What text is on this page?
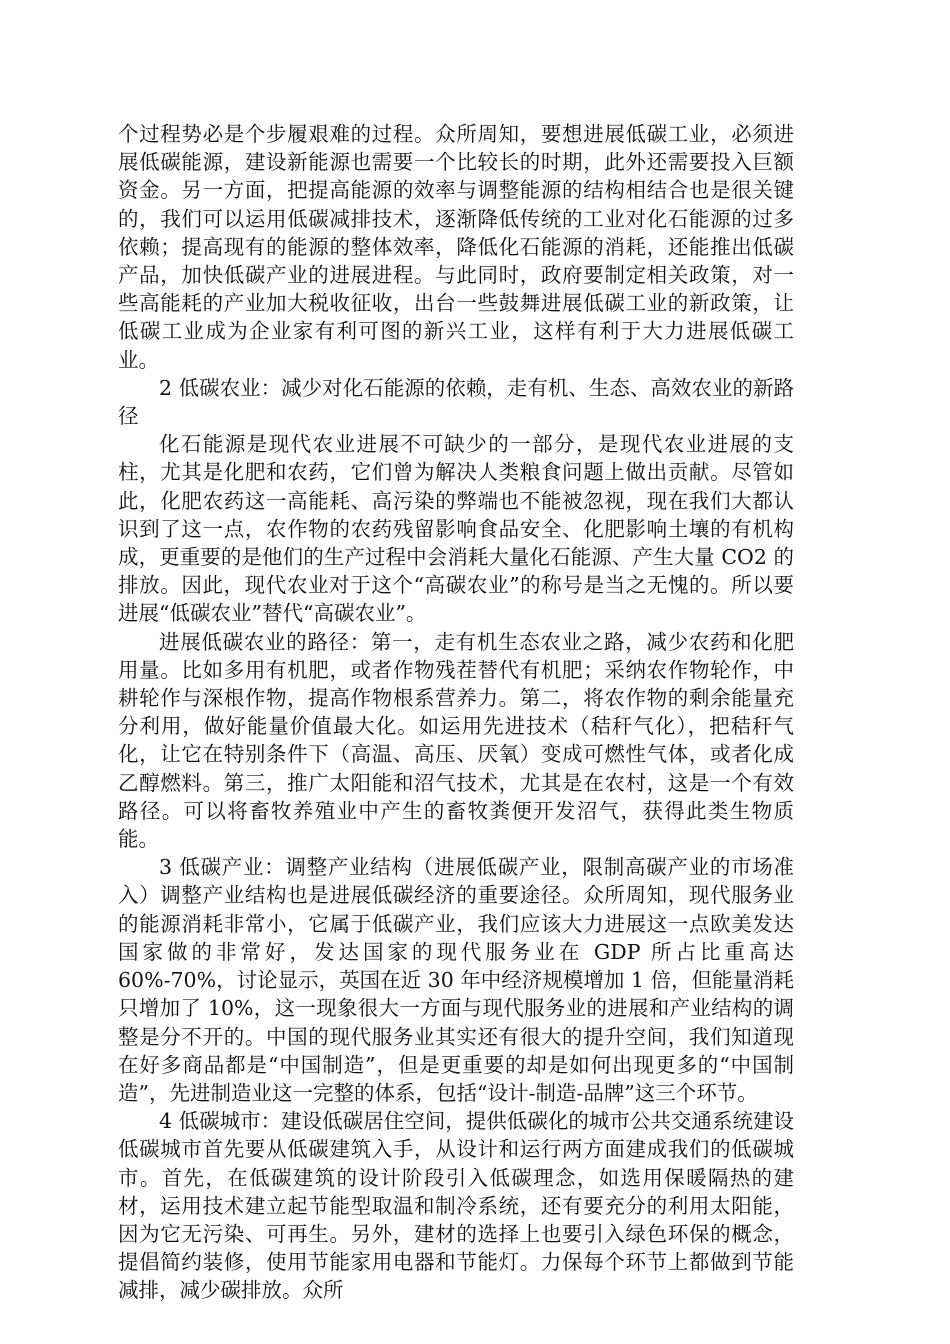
个过程势必是个步履艰难的过程。众所周知，要想进展低碳工业，必须进展低碳能源，建设新能源也需要一个比较长的时期，此外还需要投入巨额资金。另一方面，把提高能源的效率与调整能源的结构相结合也是很关键的，我们可以运用低碳减排技术，逐渐降低传统的工业对化石能源的过多依赖；提高现有的能源的整体效率，降低化石能源的消耗，还能推出低碳产品，加快低碳产业的进展进程。与此同时，政府要制定相关政策，对一些高能耗的产业加大税收征收，出台一些鼓舞进展低碳工业的新政策，让低碳工业成为企业家有利可图的新兴工业，这样有利于大力进展低碳工业。

2 低碳农业：减少对化石能源的依赖，走有机、生态、高效农业的新路径

化石能源是现代农业进展不可缺少的一部分，是现代农业进展的支柱，尤其是化肥和农药，它们曾为解决人类粮食问题上做出贡献。尽管如此，化肥农药这一高能耗、高污染的弊端也不能被忽视，现在我们大都认识到了这一点，农作物的农药残留影响食品安全、化肥影响土壤的有机构成，更重要的是他们的生产过程中会消耗大量化石能源、产生大量 CO2 的排放。因此，现代农业对于这个“高碳农业”的称号是当之无愧的。所以要进展“低碳农业”替代“高碳农业”。

进展低碳农业的路径：第一，走有机生态农业之路，减少农药和化肥用量。比如多用有机肥，或者作物残茬替代有机肥；采纳农作物轮作，中耕轮作与深根作物，提高作物根系营养力。第二，将农作物的剩余能量充分利用，做好能量价值最大化。如运用先进技术（秸秆气化），把秸秆气化，让它在特别条件下（高温、高压、厌氧）变成可燃性气体，或者化成乙醇燃料。第三，推广太阳能和沼气技术，尤其是在农村，这是一个有效路径。可以将畜牧养殖业中产生的畜牧粪便开发沼气，获得此类生物质能。

3 低碳产业：调整产业结构（进展低碳产业，限制高碳产业的市场准入）调整产业结构也是进展低碳经济的重要途径。众所周知，现代服务业的能源消耗非常小，它属于低碳产业，我们应该大力进展这一点欧美发达国家做的非常好，发达国家的现代服务业在 GDP 所占比重高达 60%-70%，讨论显示，英国在近 30 年中经济规模增加 1 倍，但能量消耗只增加了 10%，这一现象很大一方面与现代服务业的进展和产业结构的调整是分不开的。中国的现代服务业其实还有很大的提升空间，我们知道现在好多商品都是“中国制造”，但是更重要的却是如何出现更多的“中国制造”，先进制造业这一完整的体系，包括“设计-制造-品牌”这三个环节。

4 低碳城市：建设低碳居住空间，提供低碳化的城市公共交通系统建设低碳城市首先要从低碳建筑入手，从设计和运行两方面建成我们的低碳城市。首先，在低碳建筑的设计阶段引入低碳理念，如选用保暖隔热的建材，运用技术建立起节能型取温和制冷系统，还有要充分的利用太阳能，因为它无污染、可再生。另外，建材的选择上也要引入绿色环保的概念，提倡简约装修，使用节能家用电器和节能灯。力保每个环节上都做到节能减排，减少碳排放。众所
